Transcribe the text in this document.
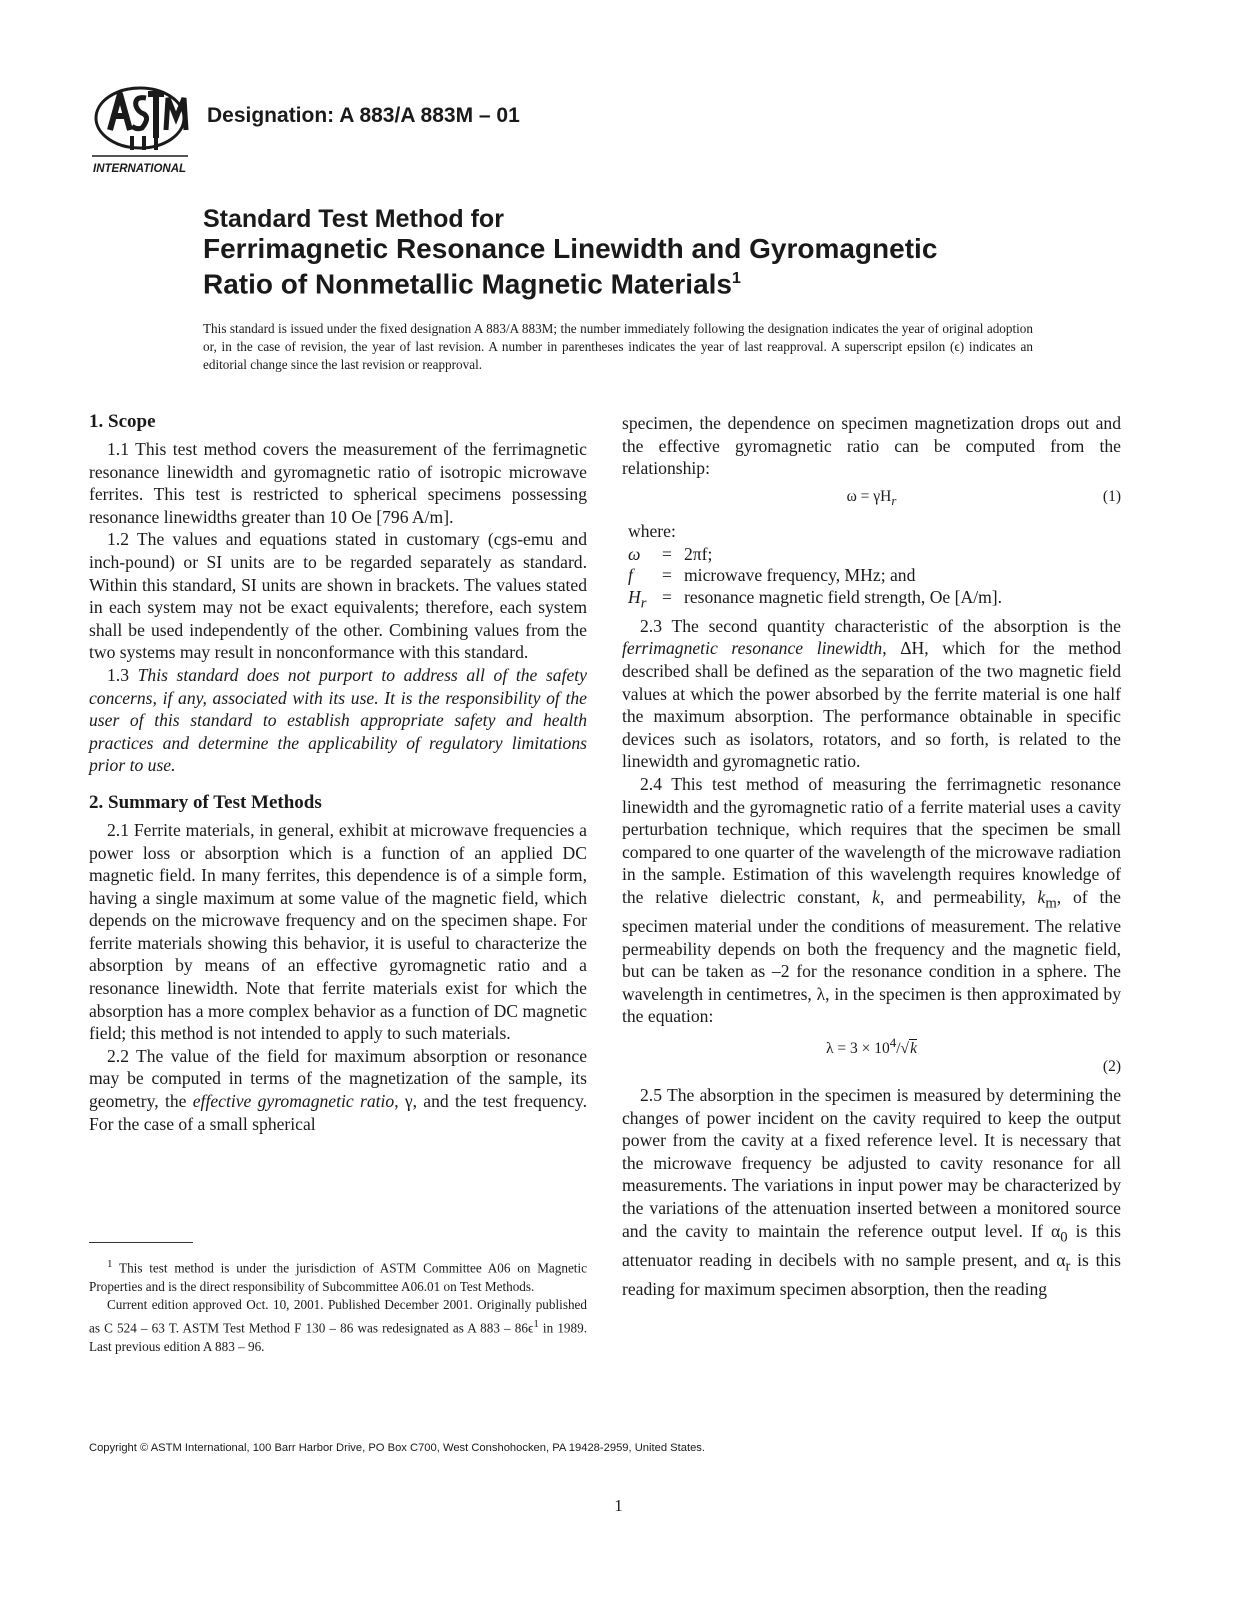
INTERNATIONAL
Designation: A 883/A 883M – 01
Standard Test Method for
Ferrimagnetic Resonance Linewidth and Gyromagnetic
Ratio of Nonmetallic Magnetic Materials$^1$
This standard is issued under the fixed designation A 883/A 883M; the number immediately following the designation indicates the year of original adoption or, in the case of revision, the year of last revision. A number in parentheses indicates the year of last reapproval. A superscript epsilon (ϵ) indicates an editorial change since the last revision or reapproval.
1. Scope

1.1 This test method covers the measurement of the ferrimagnetic resonance linewidth and gyromagnetic ratio of isotropic microwave ferrites. This test is restricted to spherical specimens possessing resonance linewidths greater than 10 Oe [796 A/m].

1.2 The values and equations stated in customary (cgs-emu and inch-pound) or SI units are to be regarded separately as standard. Within this standard, SI units are shown in brackets. The values stated in each system may not be exact equivalents; therefore, each system shall be used independently of the other. Combining values from the two systems may result in nonconformance with this standard.

1.3 This standard does not purport to address all of the safety concerns, if any, associated with its use. It is the responsibility of the user of this standard to establish appropriate safety and health practices and determine the applicability of regulatory limitations prior to use.

2. Summary of Test Methods

2.1 Ferrite materials, in general, exhibit at microwave frequencies a power loss or absorption which is a function of an applied DC magnetic field. In many ferrites, this dependence is of a simple form, having a single maximum at some value of the magnetic field, which depends on the microwave frequency and on the specimen shape. For ferrite materials showing this behavior, it is useful to characterize the absorption by means of an effective gyromagnetic ratio and a resonance linewidth. Note that ferrite materials exist for which the absorption has a more complex behavior as a function of DC magnetic field; this method is not intended to apply to such materials.

2.2 The value of the field for maximum absorption or resonance may be computed in terms of the magnetization of the sample, its geometry, the effective gyromagnetic ratio, γ, and the test frequency. For the case of a small spherical

specimen, the dependence on specimen magnetization drops out and the effective gyromagnetic ratio can be computed from the relationship:

$\omega = \gamma H_r$	(1)
where:
ω	= 2πf;
f	= microwave frequency, MHz; and
$H_r$ = resonance magnetic field strength, Oe [A/m].

2.3 The second quantity characteristic of the absorption is the ferrimagnetic resonance linewidth, ΔH, which for the method described shall be defined as the separation of the two magnetic field values at which the power absorbed by the ferrite material is one half the maximum absorption. The performance obtainable in specific devices such as isolators, rotators, and so forth, is related to the linewidth and gyromagnetic ratio.

2.4 This test method of measuring the ferrimagnetic resonance linewidth and the gyromagnetic ratio of a ferrite material uses a cavity perturbation technique, which requires that the specimen be small compared to one quarter of the wavelength of the microwave radiation in the sample. Estimation of this wavelength requires knowledge of the relative dielectric constant, k, and permeability, $k_m$, of the specimen material under the conditions of measurement. The relative permeability depends on both the frequency and the magnetic field, but can be taken as –2 for the resonance condition in a sphere. The wavelength in centimetres, λ, in the specimen is then approximated by the equation:

$\lambda = 3 \times 10^4/√k$
(2)

2.5 The absorption in the specimen is measured by determining the changes of power incident on the cavity required to keep the output power from the cavity at a fixed reference level. It is necessary that the microwave frequency be adjusted to cavity resonance for all measurements. The variations in input power may be characterized by the variations of the attenuation inserted between a monitored source and the cavity to maintain the reference output level. If $\alpha_0$ is this attenuator reading in decibels with no sample present, and $\alpha_r$ is this reading for maximum specimen absorption, then the reading

$^1$ This test method is under the jurisdiction of ASTM Committee A06 on Magnetic Properties and is the direct responsibility of Subcommittee A06.01 on Test Methods.

Current edition approved Oct. 10, 2001. Published December 2001. Originally published as C 524 – 63 T. ASTM Test Method F 130 – 86 was redesignated as A $883 - 86\epsilon^1$ in 1989. Last previous edition A 883 – 96.

Copyright © ASTM International, 100 Barr Harbor Drive, PO Box C700, West Conshohocken, PA 19428-2959, United States.
1
